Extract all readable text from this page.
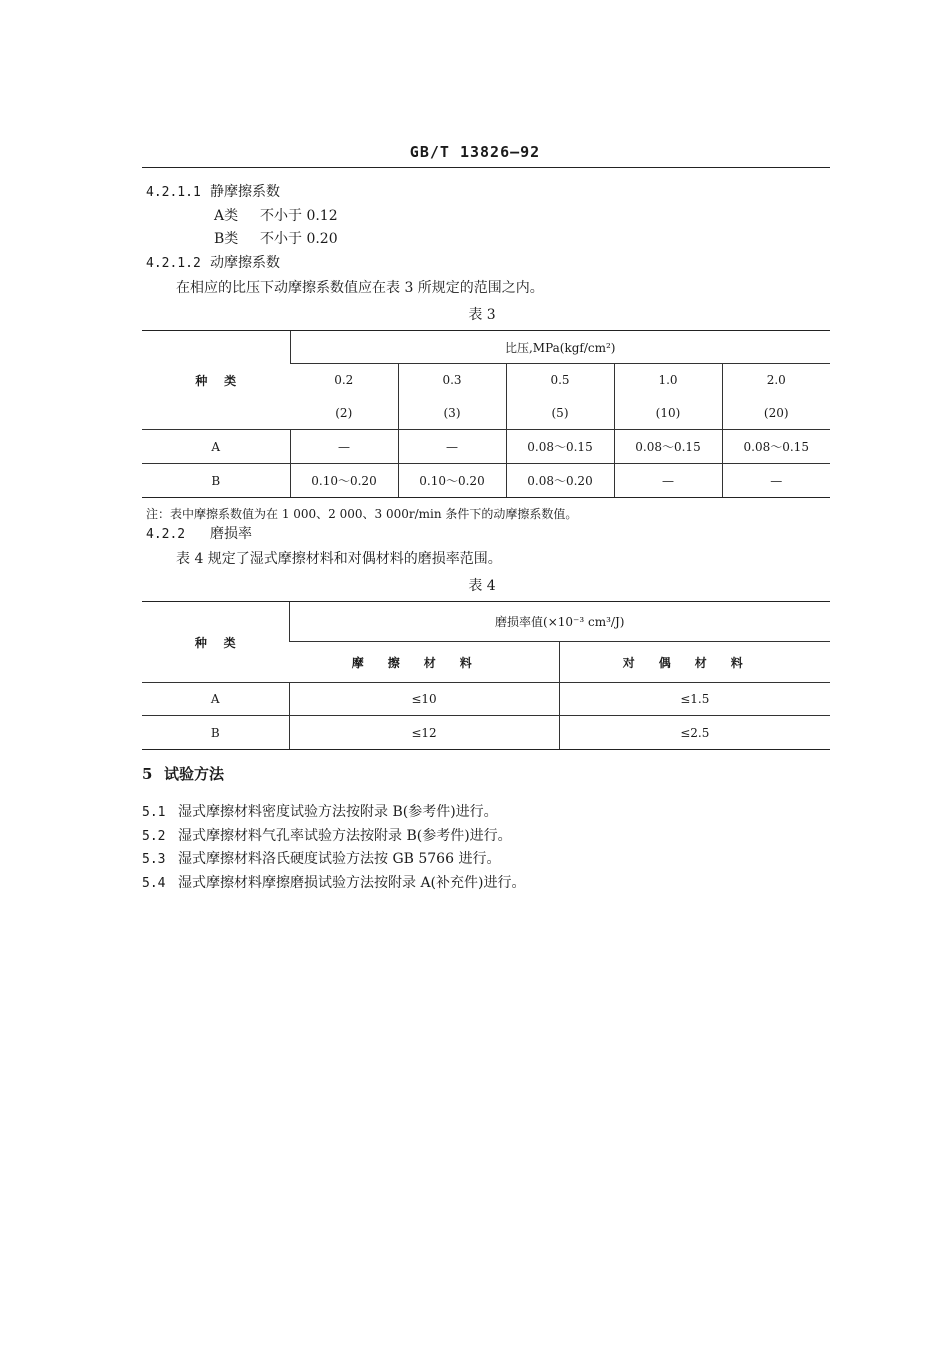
GB/T 13826—92
4.2.1.1 静摩擦系数
A类 不小于 0.12
B类 不小于 0.20
4.2.1.2 动摩擦系数
在相应的比压下动摩擦系数值应在表 3 所规定的范围之内。
表 3
种    类	比压,MPa(kgf/cm²)				
	0.2	0.3	0.5	1.0	2.0
	(2)	(3)	(5)	(10)	(20)
A	—	—	0.08～0.15	0.08～0.15	0.08～0.15
B	0.10～0.20	0.10～0.20	0.08～0.20	—	—
注：表中摩擦系数值为在 1 000、2 000、3 000r/min 条件下的动摩擦系数值。
4.2.2 磨损率
表 4 规定了湿式摩擦材料和对偶材料的磨损率范围。
表 4
种    类	磨损率值(×10⁻³ cm³/J)	
	摩擦材料	对偶材料
A	≤10	≤1.5
B	≤12	≤2.5
5 试验方法
5.1 湿式摩擦材料密度试验方法按附录 B(参考件)进行。
5.2 湿式摩擦材料气孔率试验方法按附录 B(参考件)进行。
5.3 湿式摩擦材料洛氏硬度试验方法按 GB 5766 进行。
5.4 湿式摩擦材料摩擦磨损试验方法按附录 A(补充件)进行。
